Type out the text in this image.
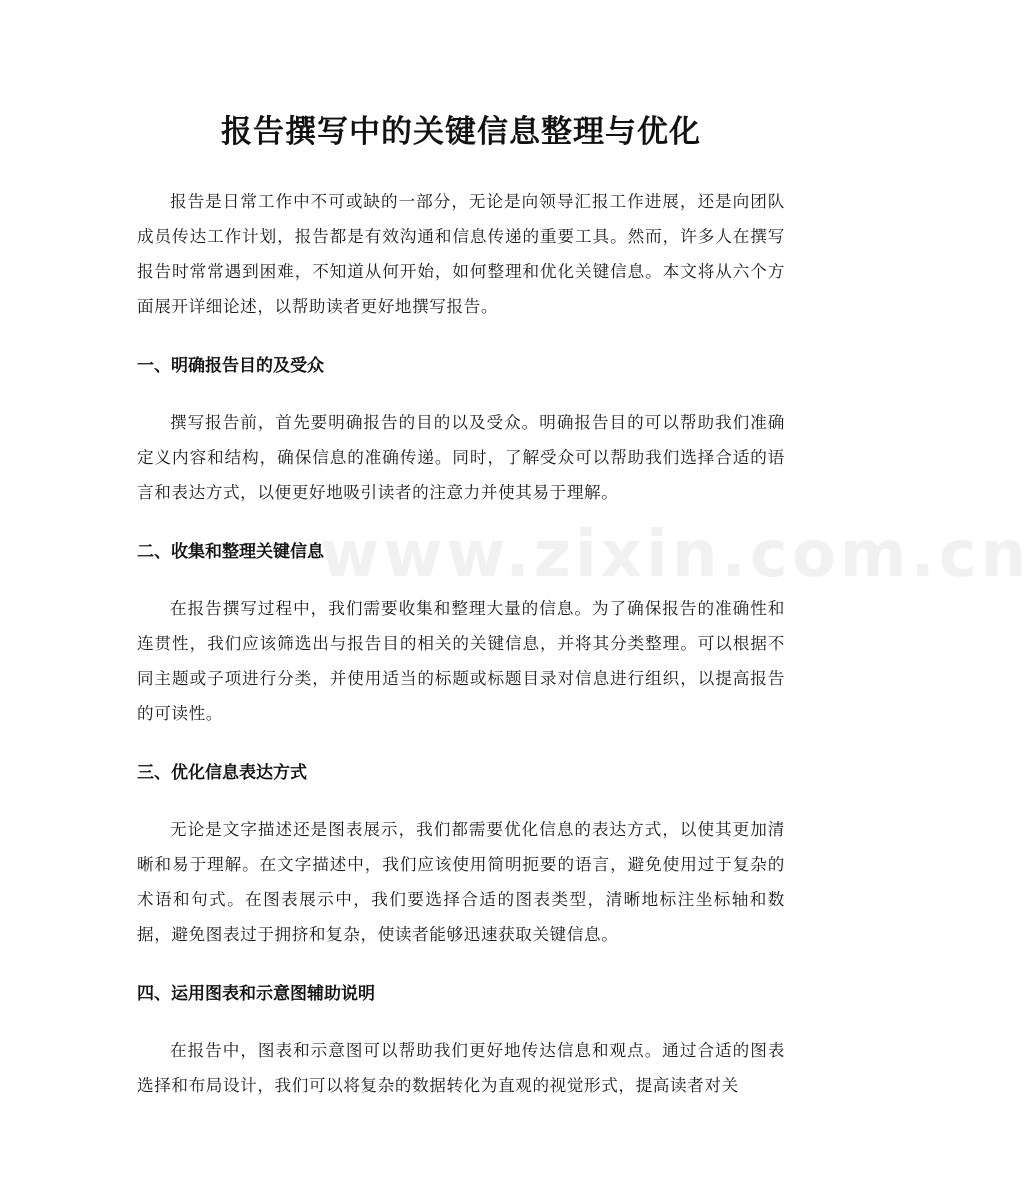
报告撰写中的关键信息整理与优化

报告是日常工作中不可或缺的一部分，无论是向领导汇报工作进展，还是向团队成员传达工作计划，报告都是有效沟通和信息传递的重要工具。然而，许多人在撰写报告时常常遇到困难，不知道从何开始，如何整理和优化关键信息。本文将从六个方面展开详细论述，以帮助读者更好地撰写报告。

一、明确报告目的及受众

撰写报告前，首先要明确报告的目的以及受众。明确报告目的可以帮助我们准确定义内容和结构，确保信息的准确传递。同时，了解受众可以帮助我们选择合适的语言和表达方式，以便更好地吸引读者的注意力并使其易于理解。

二、收集和整理关键信息

在报告撰写过程中，我们需要收集和整理大量的信息。为了确保报告的准确性和连贯性，我们应该筛选出与报告目的相关的关键信息，并将其分类整理。可以根据不同主题或子项进行分类，并使用适当的标题或标题目录对信息进行组织，以提高报告的可读性。

三、优化信息表达方式

无论是文字描述还是图表展示，我们都需要优化信息的表达方式，以使其更加清晰和易于理解。在文字描述中，我们应该使用简明扼要的语言，避免使用过于复杂的术语和句式。在图表展示中，我们要选择合适的图表类型，清晰地标注坐标轴和数据，避免图表过于拥挤和复杂，使读者能够迅速获取关键信息。

四、运用图表和示意图辅助说明

在报告中，图表和示意图可以帮助我们更好地传达信息和观点。通过合适的图表选择和布局设计，我们可以将复杂的数据转化为直观的视觉形式，提高读者对关

www.zixin.com.cn
